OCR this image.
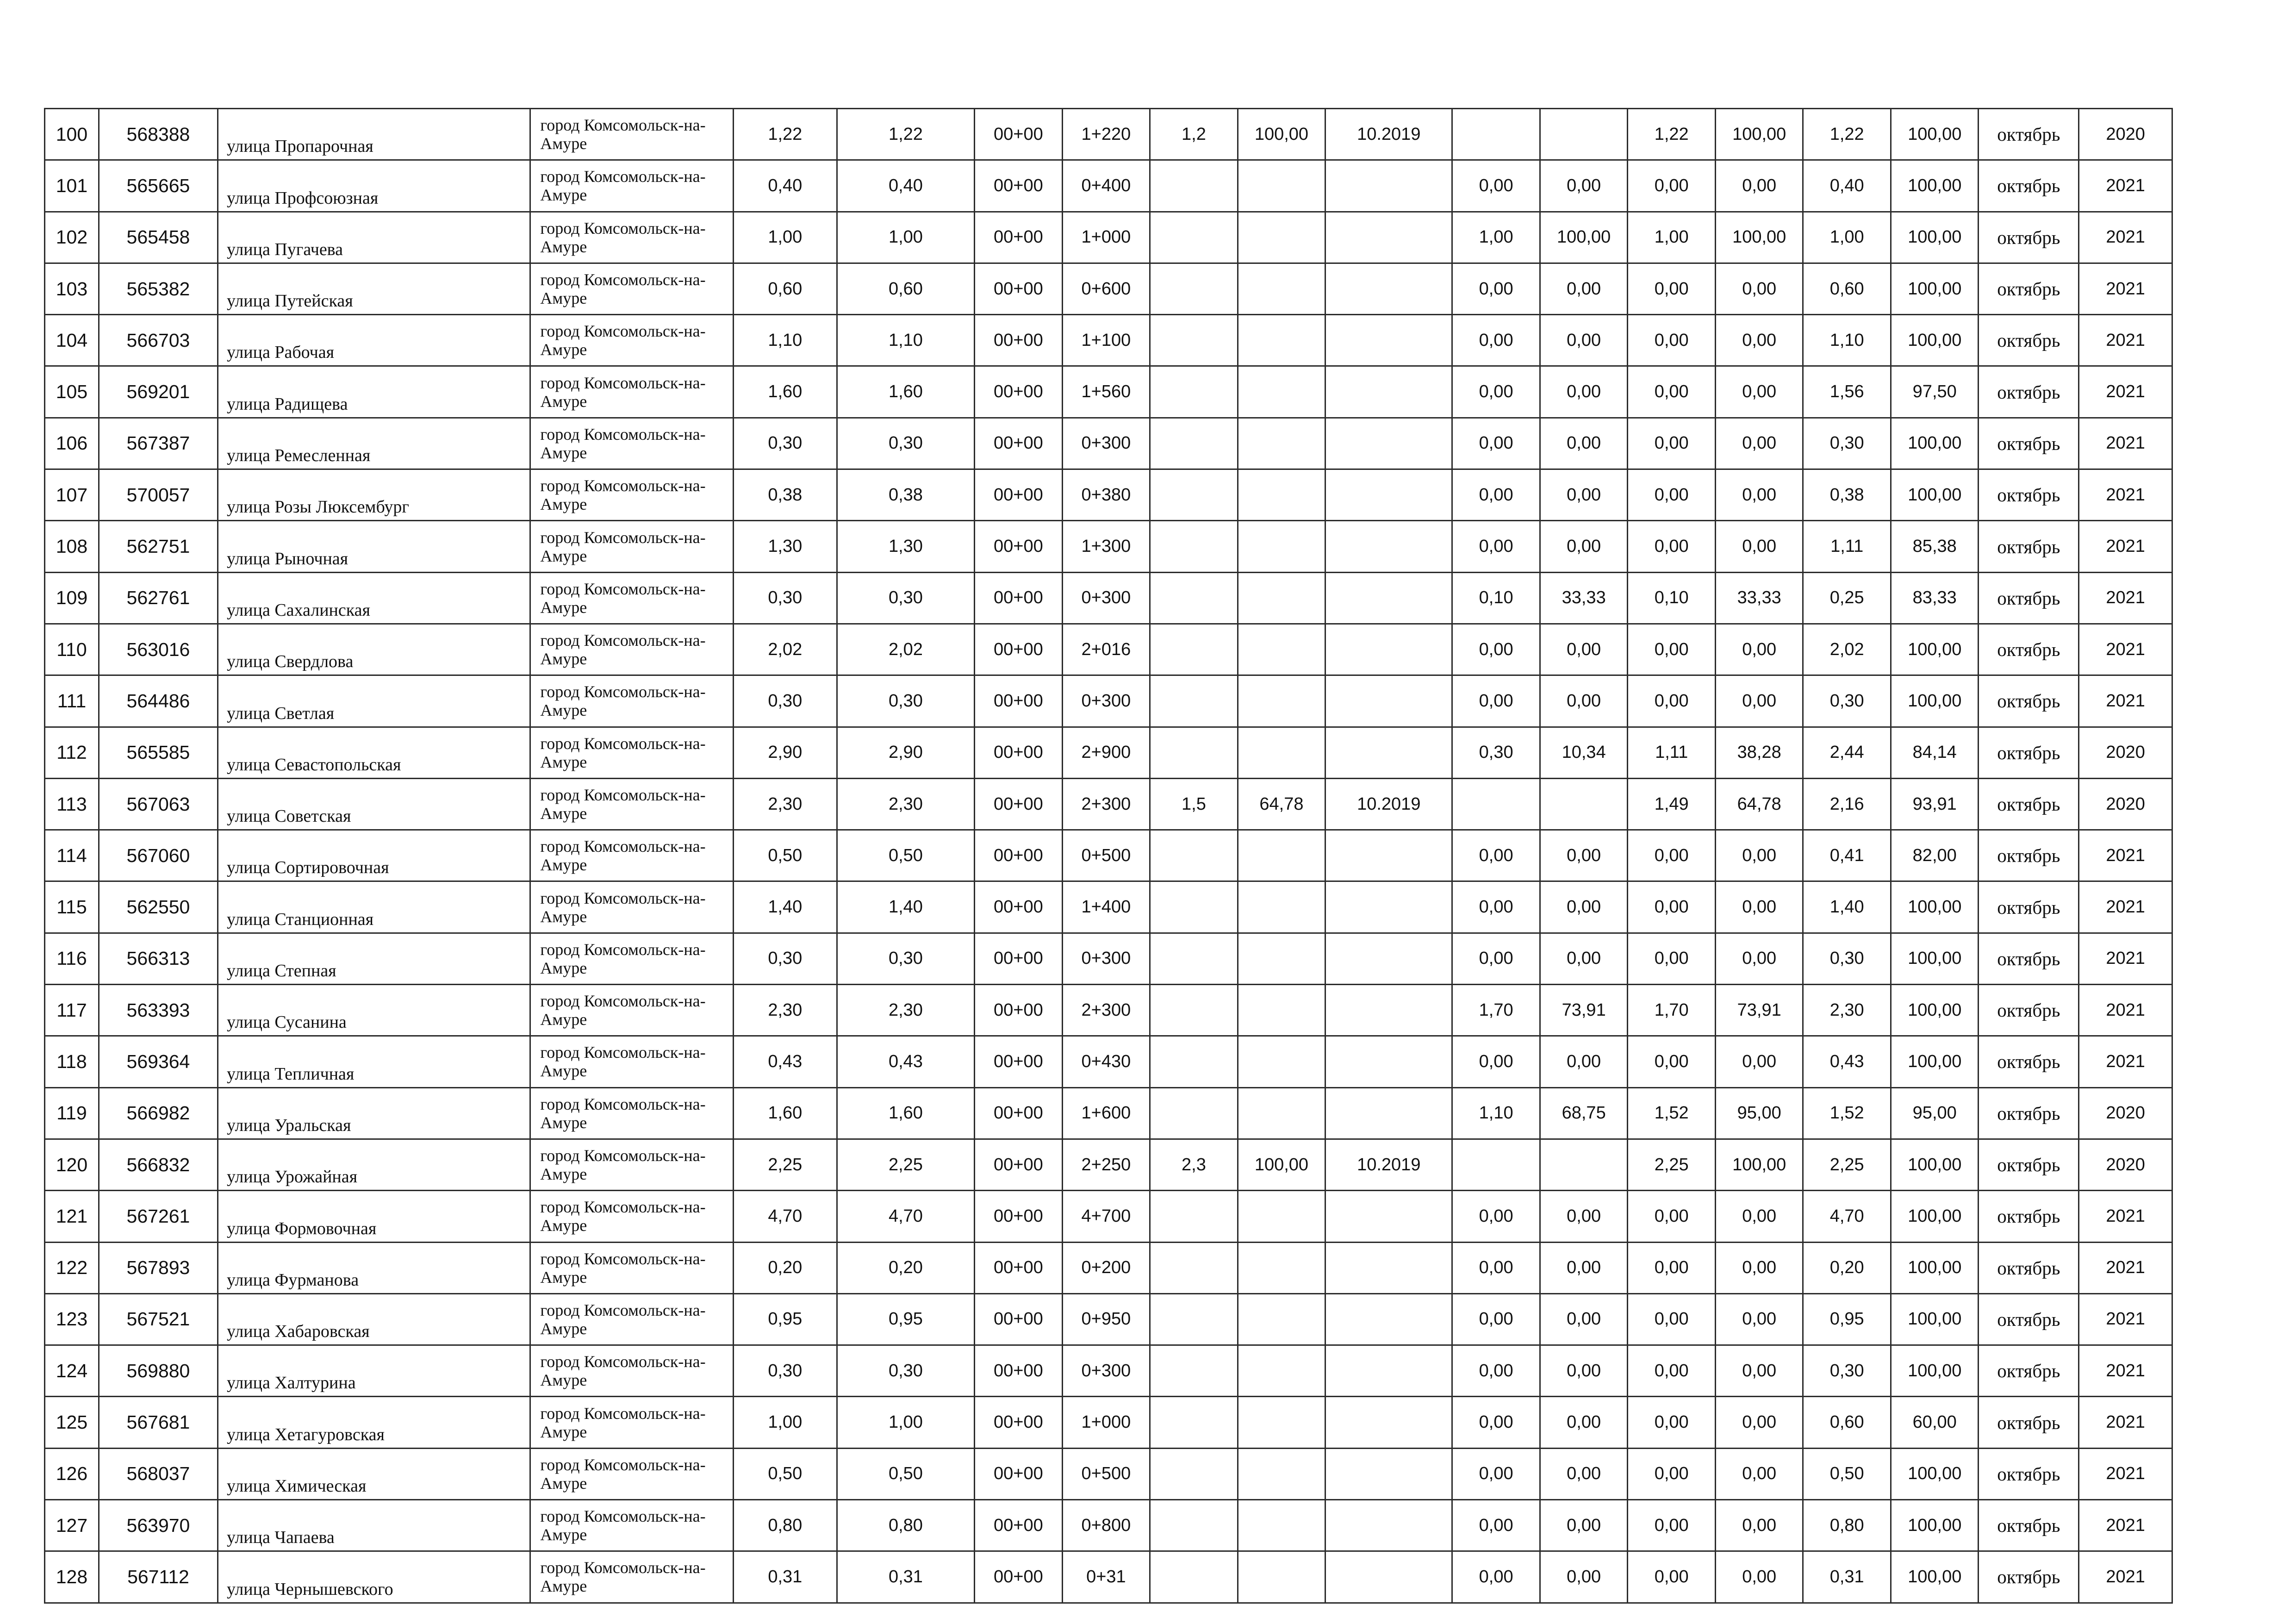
100	568388	улица Пропарочная	город Комсомольск-на-Амуре	1,22	1,22	00+00	1+220	1,2	100,00	10.2019			1,22	100,00	1,22	100,00	октябрь	2020
101	565665	улица Профсоюзная	город Комсомольск-на-Амуре	0,40	0,40	00+00	0+400				0,00	0,00	0,00	0,00	0,40	100,00	октябрь	2021
102	565458	улица Пугачева	город Комсомольск-на-Амуре	1,00	1,00	00+00	1+000				1,00	100,00	1,00	100,00	1,00	100,00	октябрь	2021
103	565382	улица Путейская	город Комсомольск-на-Амуре	0,60	0,60	00+00	0+600				0,00	0,00	0,00	0,00	0,60	100,00	октябрь	2021
104	566703	улица Рабочая	город Комсомольск-на-Амуре	1,10	1,10	00+00	1+100				0,00	0,00	0,00	0,00	1,10	100,00	октябрь	2021
105	569201	улица Радищева	город Комсомольск-на-Амуре	1,60	1,60	00+00	1+560				0,00	0,00	0,00	0,00	1,56	97,50	октябрь	2021
106	567387	улица Ремесленная	город Комсомольск-на-Амуре	0,30	0,30	00+00	0+300				0,00	0,00	0,00	0,00	0,30	100,00	октябрь	2021
107	570057	улица Розы Люксембург	город Комсомольск-на-Амуре	0,38	0,38	00+00	0+380				0,00	0,00	0,00	0,00	0,38	100,00	октябрь	2021
108	562751	улица Рыночная	город Комсомольск-на-Амуре	1,30	1,30	00+00	1+300				0,00	0,00	0,00	0,00	1,11	85,38	октябрь	2021
109	562761	улица Сахалинская	город Комсомольск-на-Амуре	0,30	0,30	00+00	0+300				0,10	33,33	0,10	33,33	0,25	83,33	октябрь	2021
110	563016	улица Свердлова	город Комсомольск-на-Амуре	2,02	2,02	00+00	2+016				0,00	0,00	0,00	0,00	2,02	100,00	октябрь	2021
111	564486	улица Светлая	город Комсомольск-на-Амуре	0,30	0,30	00+00	0+300				0,00	0,00	0,00	0,00	0,30	100,00	октябрь	2021
112	565585	улица Севастопольская	город Комсомольск-на-Амуре	2,90	2,90	00+00	2+900				0,30	10,34	1,11	38,28	2,44	84,14	октябрь	2020
113	567063	улица Советская	город Комсомольск-на-Амуре	2,30	2,30	00+00	2+300	1,5	64,78	10.2019			1,49	64,78	2,16	93,91	октябрь	2020
114	567060	улица Сортировочная	город Комсомольск-на-Амуре	0,50	0,50	00+00	0+500				0,00	0,00	0,00	0,00	0,41	82,00	октябрь	2021
115	562550	улица Станционная	город Комсомольск-на-Амуре	1,40	1,40	00+00	1+400				0,00	0,00	0,00	0,00	1,40	100,00	октябрь	2021
116	566313	улица Степная	город Комсомольск-на-Амуре	0,30	0,30	00+00	0+300				0,00	0,00	0,00	0,00	0,30	100,00	октябрь	2021
117	563393	улица Сусанина	город Комсомольск-на-Амуре	2,30	2,30	00+00	2+300				1,70	73,91	1,70	73,91	2,30	100,00	октябрь	2021
118	569364	улица Тепличная	город Комсомольск-на-Амуре	0,43	0,43	00+00	0+430				0,00	0,00	0,00	0,00	0,43	100,00	октябрь	2021
119	566982	улица Уральская	город Комсомольск-на-Амуре	1,60	1,60	00+00	1+600				1,10	68,75	1,52	95,00	1,52	95,00	октябрь	2020
120	566832	улица Урожайная	город Комсомольск-на-Амуре	2,25	2,25	00+00	2+250	2,3	100,00	10.2019			2,25	100,00	2,25	100,00	октябрь	2020
121	567261	улица Формовочная	город Комсомольск-на-Амуре	4,70	4,70	00+00	4+700				0,00	0,00	0,00	0,00	4,70	100,00	октябрь	2021
122	567893	улица Фурманова	город Комсомольск-на-Амуре	0,20	0,20	00+00	0+200				0,00	0,00	0,00	0,00	0,20	100,00	октябрь	2021
123	567521	улица Хабаровская	город Комсомольск-на-Амуре	0,95	0,95	00+00	0+950				0,00	0,00	0,00	0,00	0,95	100,00	октябрь	2021
124	569880	улица Халтурина	город Комсомольск-на-Амуре	0,30	0,30	00+00	0+300				0,00	0,00	0,00	0,00	0,30	100,00	октябрь	2021
125	567681	улица Хетагуровская	город Комсомольск-на-Амуре	1,00	1,00	00+00	1+000				0,00	0,00	0,00	0,00	0,60	60,00	октябрь	2021
126	568037	улица Химическая	город Комсомольск-на-Амуре	0,50	0,50	00+00	0+500				0,00	0,00	0,00	0,00	0,50	100,00	октябрь	2021
127	563970	улица Чапаева	город Комсомольск-на-Амуре	0,80	0,80	00+00	0+800				0,00	0,00	0,00	0,00	0,80	100,00	октябрь	2021
128	567112	улица Чернышевского	город Комсомольск-на-Амуре	0,31	0,31	00+00	0+31				0,00	0,00	0,00	0,00	0,31	100,00	октябрь	2021
